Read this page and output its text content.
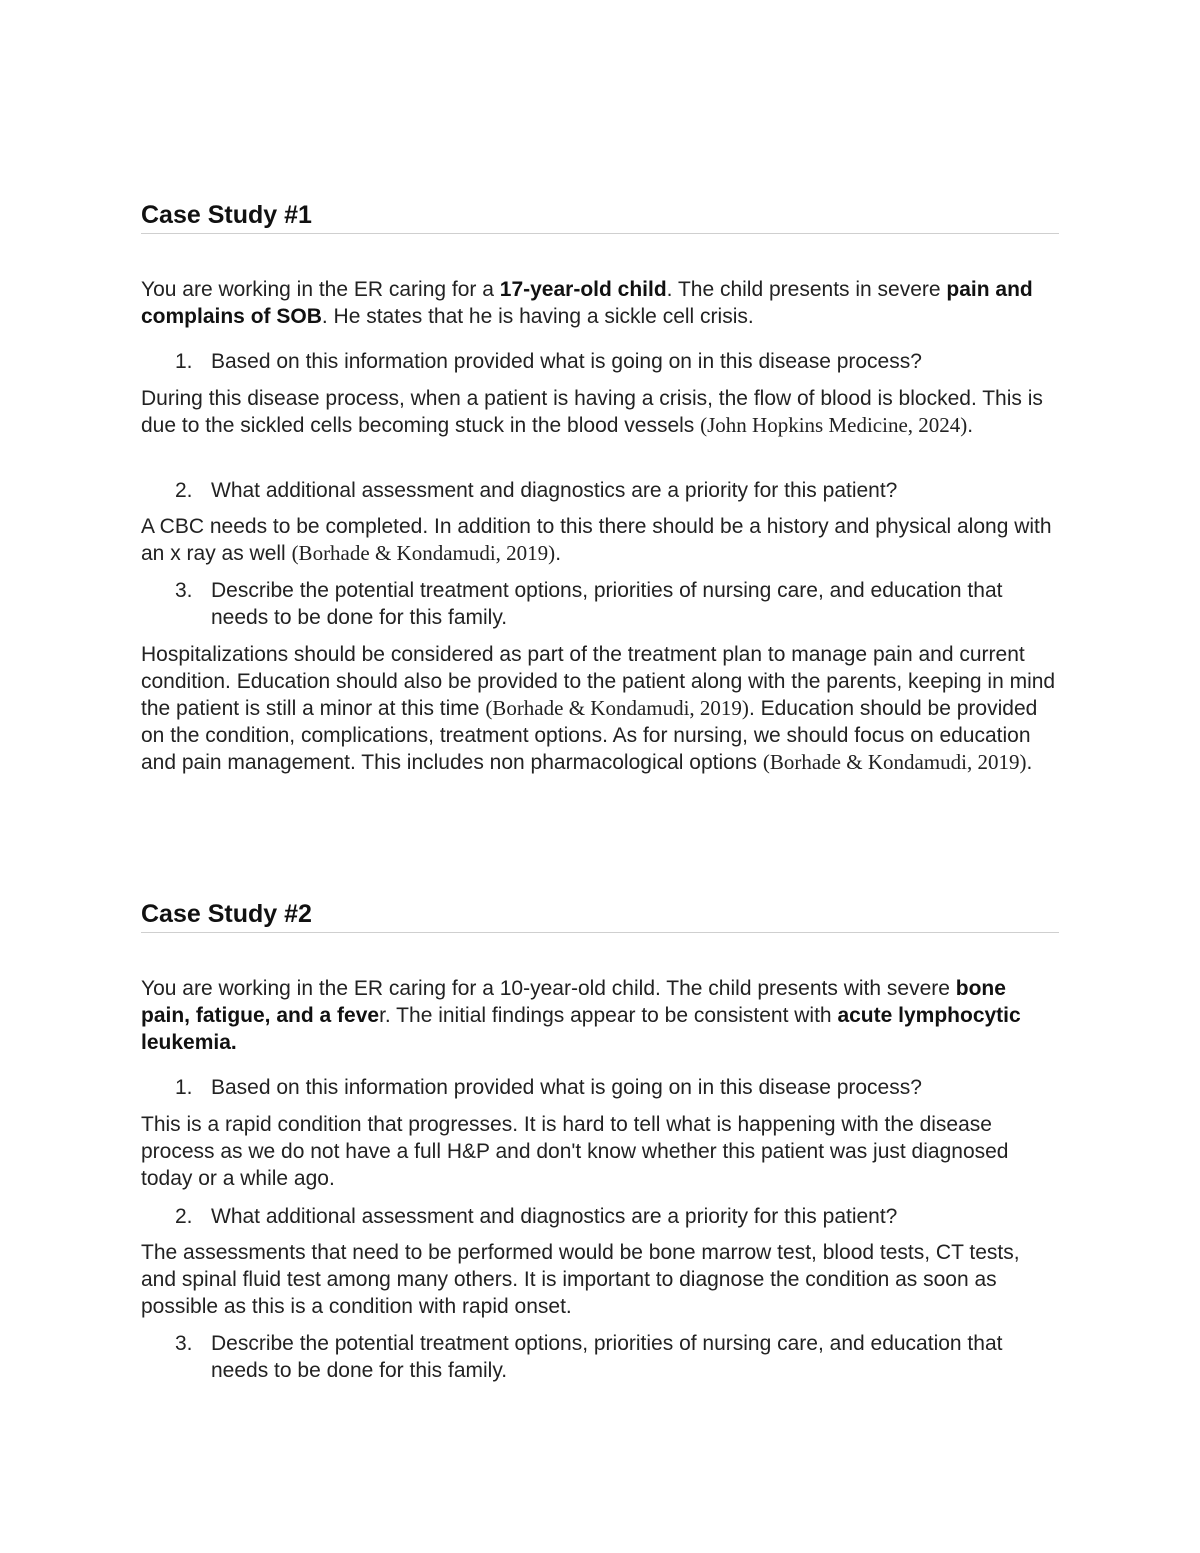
Case Study #1

You are working in the ER caring for a 17-year-old child. The child presents in severe pain and complains of SOB. He states that he is having a sickle cell crisis.

1. Based on this information provided what is going on in this disease process?

During this disease process, when a patient is having a crisis, the flow of blood is blocked. This is due to the sickled cells becoming stuck in the blood vessels (John Hopkins Medicine, 2024).

2. What additional assessment and diagnostics are a priority for this patient?

A CBC needs to be completed. In addition to this there should be a history and physical along with an x ray as well (Borhade & Kondamudi, 2019).

3. Describe the potential treatment options, priorities of nursing care, and education that needs to be done for this family.

Hospitalizations should be considered as part of the treatment plan to manage pain and current condition. Education should also be provided to the patient along with the parents, keeping in mind the patient is still a minor at this time (Borhade & Kondamudi, 2019). Education should be provided on the condition, complications, treatment options. As for nursing, we should focus on education and pain management. This includes non pharmacological options (Borhade & Kondamudi, 2019).

Case Study #2

You are working in the ER caring for a 10-year-old child. The child presents with severe bone pain, fatigue, and a fever. The initial findings appear to be consistent with acute lymphocytic leukemia.

1. Based on this information provided what is going on in this disease process?

This is a rapid condition that progresses. It is hard to tell what is happening with the disease process as we do not have a full H&P and don't know whether this patient was just diagnosed today or a while ago.

2. What additional assessment and diagnostics are a priority for this patient?

The assessments that need to be performed would be bone marrow test, blood tests, CT tests, and spinal fluid test among many others. It is important to diagnose the condition as soon as possible as this is a condition with rapid onset.

3. Describe the potential treatment options, priorities of nursing care, and education that needs to be done for this family.
